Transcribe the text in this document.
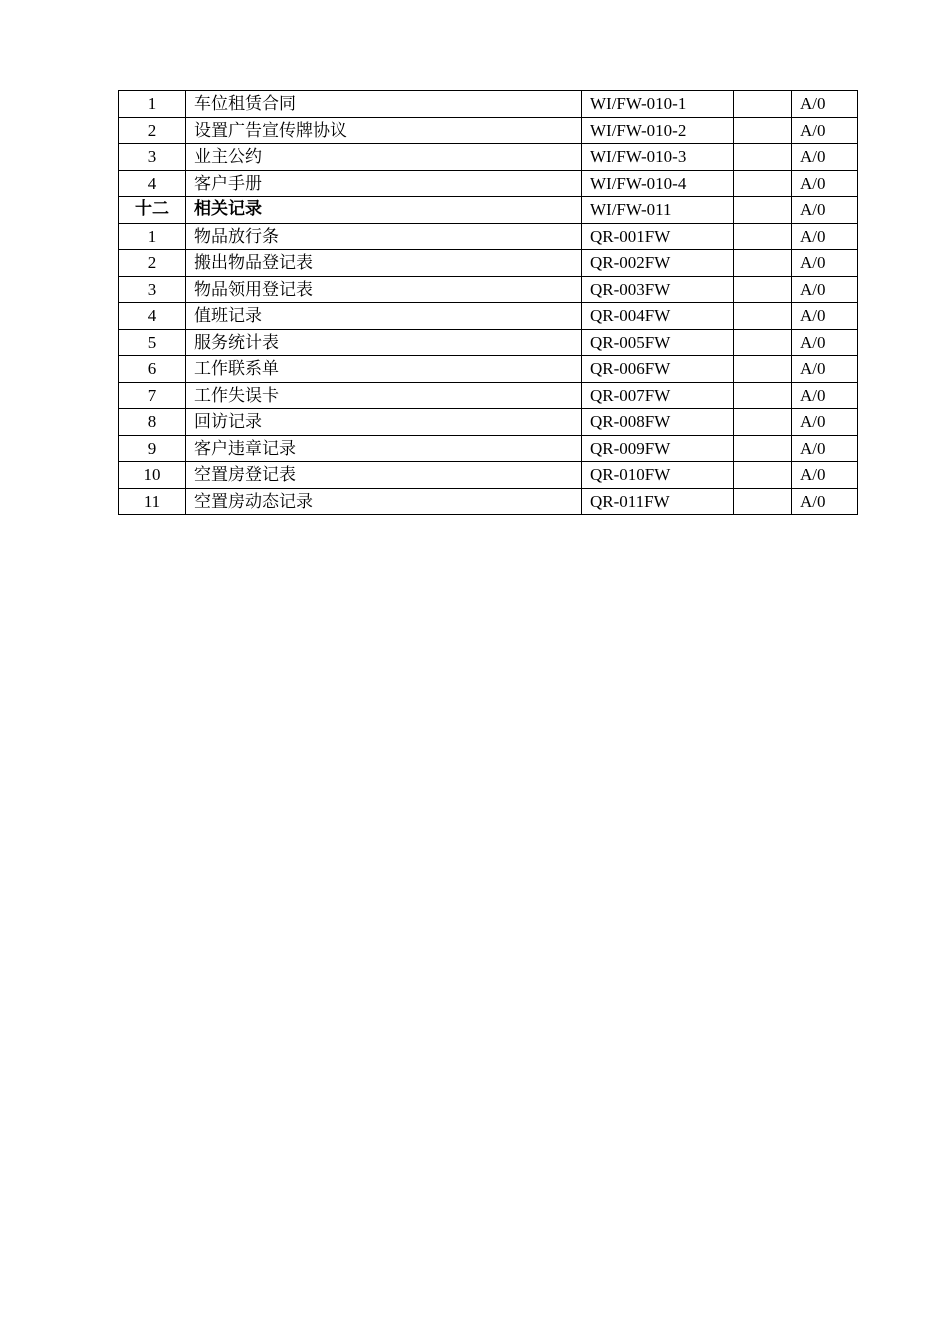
1	车位租赁合同	WI/FW-010-1		A/0
2	设置广告宣传牌协议	WI/FW-010-2		A/0
3	业主公约	WI/FW-010-3		A/0
4	客户手册	WI/FW-010-4		A/0
十二	相关记录	WI/FW-011		A/0
1	物品放行条	QR-001FW		A/0
2	搬出物品登记表	QR-002FW		A/0
3	物品领用登记表	QR-003FW		A/0
4	值班记录	QR-004FW		A/0
5	服务统计表	QR-005FW		A/0
6	工作联系单	QR-006FW		A/0
7	工作失误卡	QR-007FW		A/0
8	回访记录	QR-008FW		A/0
9	客户违章记录	QR-009FW		A/0
10	空置房登记表	QR-010FW		A/0
11	空置房动态记录	QR-011FW		A/0
